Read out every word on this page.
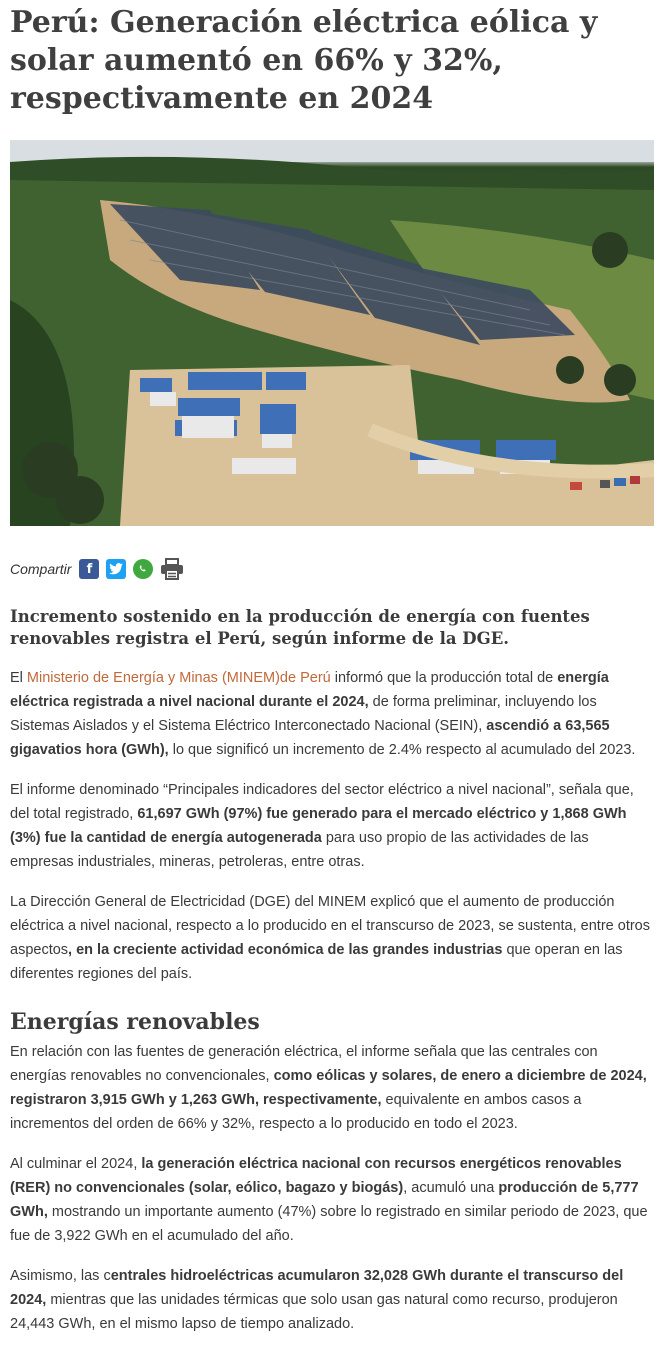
Perú: Generación eléctrica eólica y solar aumentó en 66% y 32%, respectivamente en 2024
Compartir	f
Incremento sostenido en la producción de energía con fuentes renovables registra el Perú, según informe de la DGE.

El Ministerio de Energía y Minas (MINEM)de Perú informó que la producción total de energía eléctrica registrada a nivel nacional durante el 2024, de forma preliminar, incluyendo los Sistemas Aislados y el Sistema Eléctrico Interconectado Nacional (SEIN), ascendió a 63,565 gigavatios hora (GWh), lo que significó un incremento de 2.4% respecto al acumulado del 2023.

El informe denominado “Principales indicadores del sector eléctrico a nivel nacional”, señala que, del total registrado, 61,697 GWh (97%) fue generado para el mercado eléctrico y 1,868 GWh (3%) fue la cantidad de energía autogenerada para uso propio de las actividades de las empresas industriales, mineras, petroleras, entre otras.

La Dirección General de Electricidad (DGE) del MINEM explicó que el aumento de producción eléctrica a nivel nacional, respecto a lo producido en el transcurso de 2023, se sustenta, entre otros aspectos, en la creciente actividad económica de las grandes industrias que operan en las diferentes regiones del país.

Energías renovables

En relación con las fuentes de generación eléctrica, el informe señala que las centrales con energías renovables no convencionales, como eólicas y solares, de enero a diciembre de 2024, registraron 3,915 GWh y 1,263 GWh, respectivamente, equivalente en ambos casos a incrementos del orden de 66% y 32%, respecto a lo producido en todo el 2023.

Al culminar el 2024, la generación eléctrica nacional con recursos energéticos renovables (RER) no convencionales (solar, eólico, bagazo y biogás), acumuló una producción de 5,777 GWh, mostrando un importante aumento (47%) sobre lo registrado en similar periodo de 2023, que fue de 3,922 GWh en el acumulado del año.

Asimismo, las centrales hidroeléctricas acumularon 32,028 GWh durante el transcurso del 2024, mientras que las unidades térmicas que solo usan gas natural como recurso, produjeron 24,443 GWh, en el mismo lapso de tiempo analizado.
